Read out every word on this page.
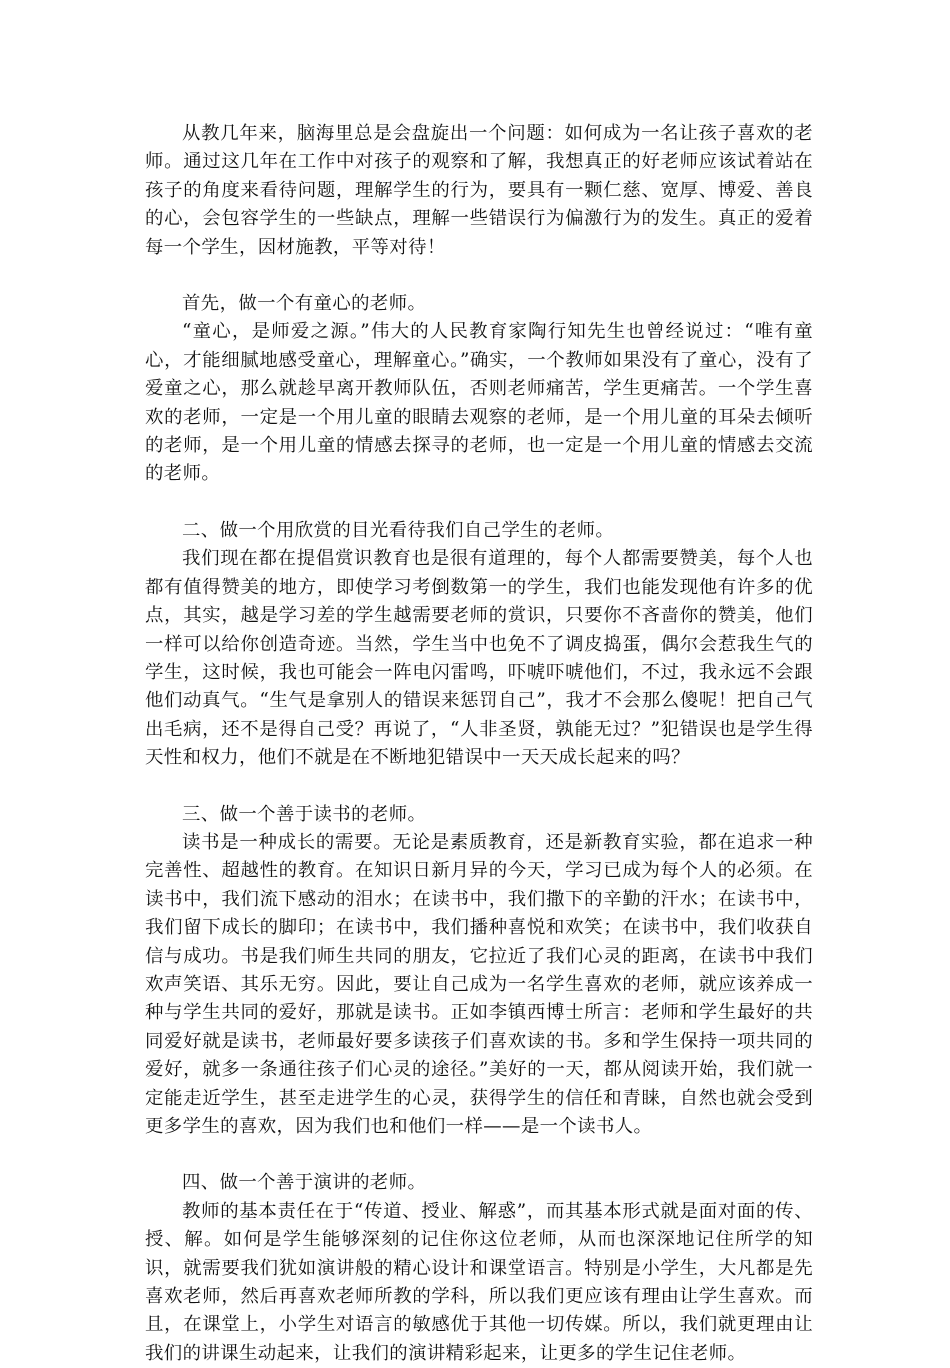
从教几年来，脑海里总是会盘旋出一个问题：如何成为一名让孩子喜欢的老师。通过这几年在工作中对孩子的观察和了解，我想真正的好老师应该试着站在孩子的角度来看待问题，理解学生的行为，要具有一颗仁慈、宽厚、博爱、善良的心，会包容学生的一些缺点，理解一些错误行为偏激行为的发生。真正的爱着每一个学生，因材施教，平等对待！

首先，做一个有童心的老师。

“童心，是师爱之源。”伟大的人民教育家陶行知先生也曾经说过：“唯有童心，才能细腻地感受童心，理解童心。”确实，一个教师如果没有了童心，没有了爱童之心，那么就趁早离开教师队伍，否则老师痛苦，学生更痛苦。一个学生喜欢的老师，一定是一个用儿童的眼睛去观察的老师，是一个用儿童的耳朵去倾听的老师，是一个用儿童的情感去探寻的老师，也一定是一个用儿童的情感去交流的老师。

二、做一个用欣赏的目光看待我们自己学生的老师。

我们现在都在提倡赏识教育也是很有道理的，每个人都需要赞美，每个人也都有值得赞美的地方，即使学习考倒数第一的学生，我们也能发现他有许多的优点，其实，越是学习差的学生越需要老师的赏识，只要你不吝啬你的赞美，他们一样可以给你创造奇迹。当然，学生当中也免不了调皮捣蛋，偶尔会惹我生气的学生，这时候，我也可能会一阵电闪雷鸣，吓唬吓唬他们，不过，我永远不会跟他们动真气。“生气是拿别人的错误来惩罚自己”，我才不会那么傻呢！把自己气出毛病，还不是得自己受？再说了，“人非圣贤，孰能无过？”犯错误也是学生得天性和权力，他们不就是在不断地犯错误中一天天成长起来的吗？

三、做一个善于读书的老师。

读书是一种成长的需要。无论是素质教育，还是新教育实验，都在追求一种完善性、超越性的教育。在知识日新月异的今天，学习已成为每个人的必须。在读书中，我们流下感动的泪水；在读书中，我们撒下的辛勤的汗水；在读书中，我们留下成长的脚印；在读书中，我们播种喜悦和欢笑；在读书中，我们收获自信与成功。书是我们师生共同的朋友，它拉近了我们心灵的距离，在读书中我们欢声笑语、其乐无穷。因此，要让自己成为一名学生喜欢的老师，就应该养成一种与学生共同的爱好，那就是读书。正如李镇西博士所言：老师和学生最好的共同爱好就是读书，老师最好要多读孩子们喜欢读的书。多和学生保持一项共同的爱好，就多一条通往孩子们心灵的途径。”美好的一天，都从阅读开始，我们就一定能走近学生，甚至走进学生的心灵，获得学生的信任和青睐，自然也就会受到更多学生的喜欢，因为我们也和他们一样——是一个读书人。

四、做一个善于演讲的老师。

教师的基本责任在于“传道、授业、解惑”，而其基本形式就是面对面的传、授、解。如何是学生能够深刻的记住你这位老师，从而也深深地记住所学的知识，就需要我们犹如演讲般的精心设计和课堂语言。特别是小学生，大凡都是先喜欢老师，然后再喜欢老师所教的学科，所以我们更应该有理由让学生喜欢。而且，在课堂上，小学生对语言的敏感优于其他一切传媒。所以，我们就更理由让我们的讲课生动起来，让我们的演讲精彩起来，让更多的学生记住老师。
